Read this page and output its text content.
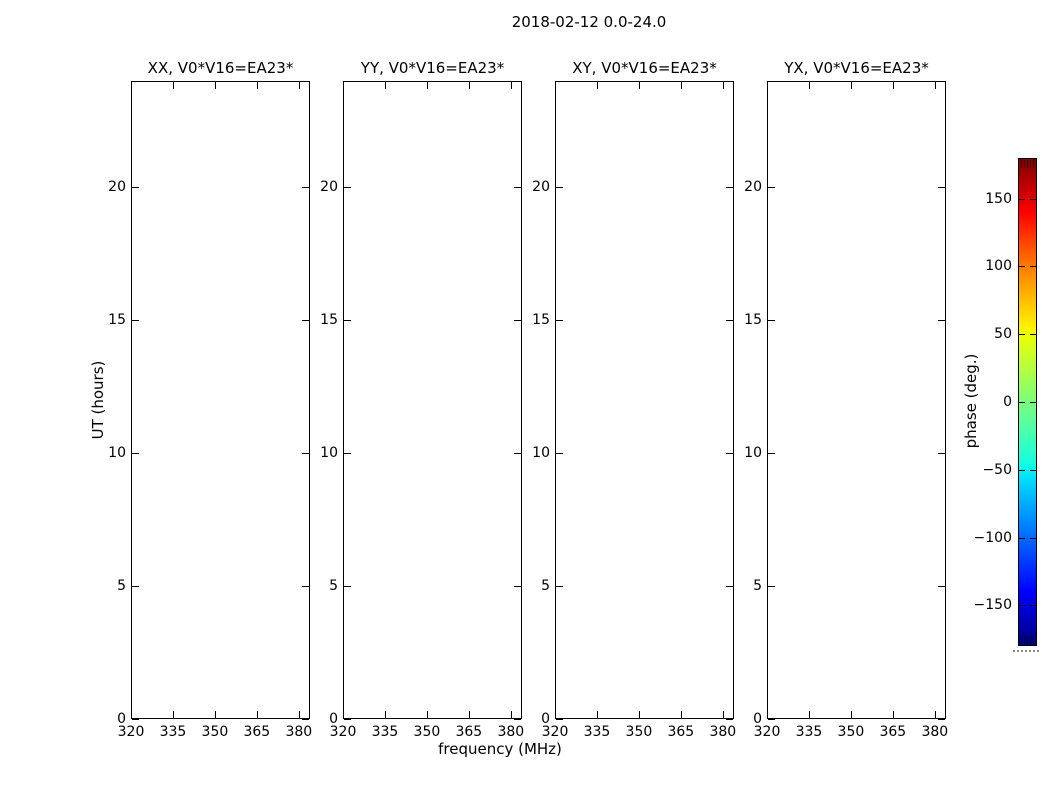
2018-02-12 0.0-24.0
UT (hours)
frequency (MHz)
phase (deg.)
XX, V0*V16=EA23*
320 335 350 365 380
0
5
10
15
20
YY, V0*V16=EA23*
320 335 350 365 380
0
5
10
15
20
XY, V0*V16=EA23*
320 335 350 365 380
0
5
10
15
20
YX, V0*V16=EA23*
320 335 350 365 380
0
5
10
15
20
150
100
50
0
−50
−100
−150
